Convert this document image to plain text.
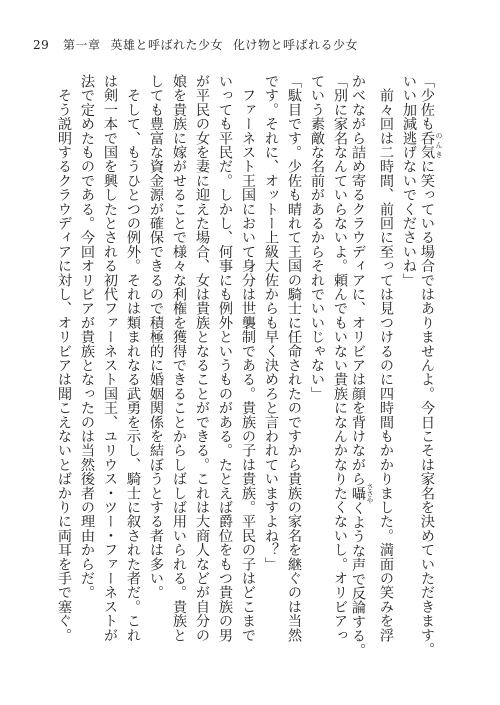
29 第一章 英雄と呼ばれた少女 化け物と呼ばれる少女
「少佐も呑気 のんきに笑っている場合ではありませんよ。今日こそは家名を決めていただきます。
いい加減逃げないでくださいね」
　前々回は二時間、前回に至っては見つけるのに四時間もかかりました。満面の笑みを浮
かべながら詰め寄るクラウディアに、オリビアは顔を背けながら囁 ささやくような声で反論する。
「別に家名なんていらないよ。頼んでもいない貴族になんかなりたくないし。オリビアっ
ていう素敵な名前があるからそれでいいじゃない」
「駄目です。少佐も晴れて王国の騎士に任命されたのですから貴族の家名を継ぐのは当然
です。それに、オットー上級大佐からも早く決めろと言われていますよね？」
　ファーネスト王国において身分は世襲制である。貴族の子は貴族。平民の子はどこまで
いっても平民だ。しかし、何事にも例外というものがある。たとえば爵位をもつ貴族の男
が平民の女を妻に迎えた場合、女は貴族となることができる。これは大商人などが自分の
娘を貴族に嫁がせることで様々な利権を獲得できることからしばしば用いられる。貴族と
しても豊富な資金源が確保できるので積極的に婚姻関係を結ぼうとする者は多い。
　そして、もうひとつの例外。それは類まれなる武勇を示し、騎士に叙された者だ。これ
は剣一本で国を興したとされる初代ファーネスト国王、ユリウス・ツー・ファーネストが
法で定めたものである。今回オリビアが貴族となったのは当然後者の理由からだ。
　そう説明するクラウディアに対し、オリビアは聞こえないとばかりに両耳を手で塞ぐ。
